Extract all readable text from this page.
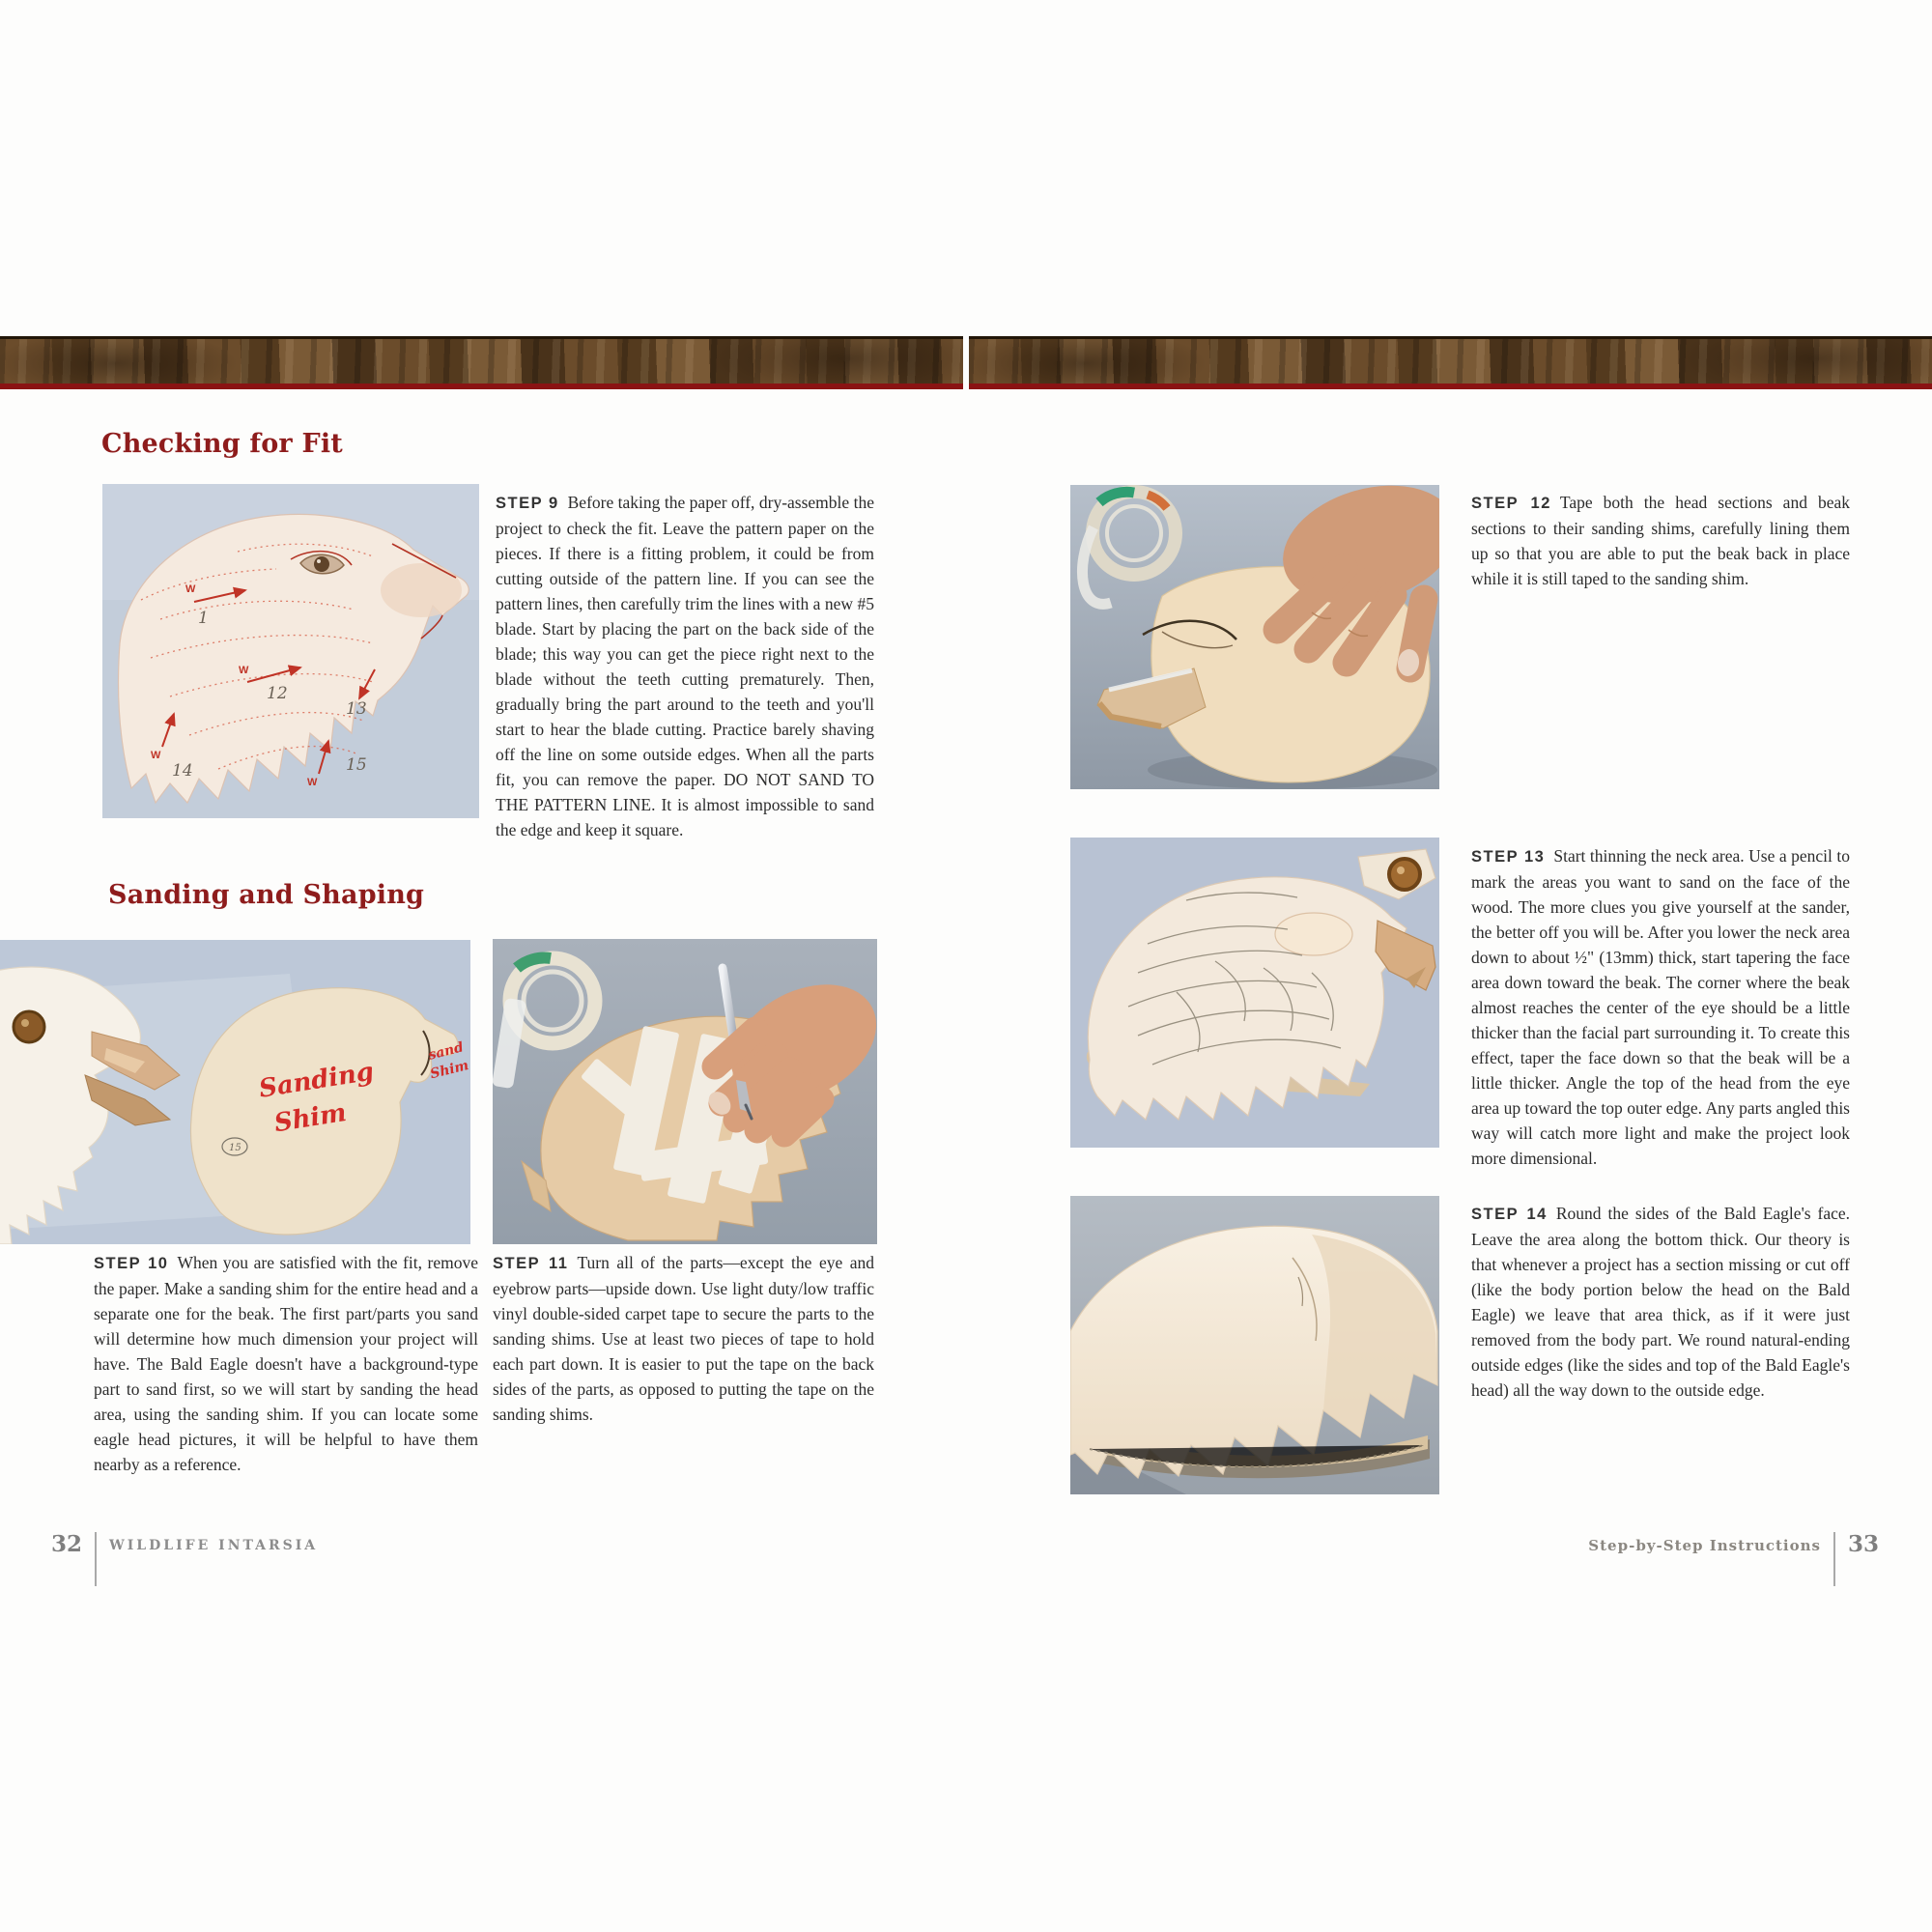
Checking for Fit
W
W
W
W
1
12
13
14	15
STEP 9 Before taking the paper off, dry-assemble the project to check the fit. Leave the pattern paper on the pieces. If there is a fitting problem, it could be from cutting outside of the pattern line. If you can see the pattern lines, then carefully trim the lines with a new #5 blade. Start by placing the part on the back side of the blade; this way you can get the piece right next to the blade without the teeth cutting prematurely. Then, gradually bring the part around to the teeth and you'll start to hear the blade cutting. Practice barely shaving off the line on some outside edges. When all the parts fit, you can remove the paper. DO NOT SAND TO THE PATTERN LINE. It is almost impossible to sand the edge and keep it square.
Sanding and Shaping
Sanding
Shim
sand
Shim
15
STEP 10 When you are satisfied with the fit, remove the paper. Make a sanding shim for the entire head and a separate one for the beak. The first part/parts you sand will determine how much dimension your project will have. The Bald Eagle doesn't have a background-type part to sand first, so we will start by sanding the head area, using the sanding shim. If you can locate some eagle head pictures, it will be helpful to have them nearby as a reference.
STEP 11 Turn all of the parts—except the eye and eyebrow parts—upside down. Use light duty/low traffic vinyl double-sided carpet tape to secure the parts to the sanding shims. Use at least two pieces of tape to hold each part down. It is easier to put the tape on the back sides of the parts, as opposed to putting the tape on the sanding shims.
32 WILDLIFE INTARSIA
STEP 12 Tape both the head sections and beak sections to their sanding shims, carefully lining them up so that you are able to put the beak back in place while it is still taped to the sanding shim.
STEP 13 Start thinning the neck area. Use a pencil to mark the areas you want to sand on the face of the wood. The more clues you give yourself at the sander, the better off you will be. After you lower the neck area down to about ½" (13mm) thick, start tapering the face area down toward the beak. The corner where the beak almost reaches the center of the eye should be a little thicker than the facial part surrounding it. To create this effect, taper the face down so that the beak will be a little thicker. Angle the top of the head from the eye area up toward the top outer edge. Any parts angled this way will catch more light and make the project look more dimensional.
STEP 14 Round the sides of the Bald Eagle's face. Leave the area along the bottom thick. Our theory is that whenever a project has a section missing or cut off (like the body portion below the head on the Bald Eagle) we leave that area thick, as if it were just removed from the body part. We round natural-ending outside edges (like the sides and top of the Bald Eagle's head) all the way down to the outside edge.
Step-by-Step Instructions 33
